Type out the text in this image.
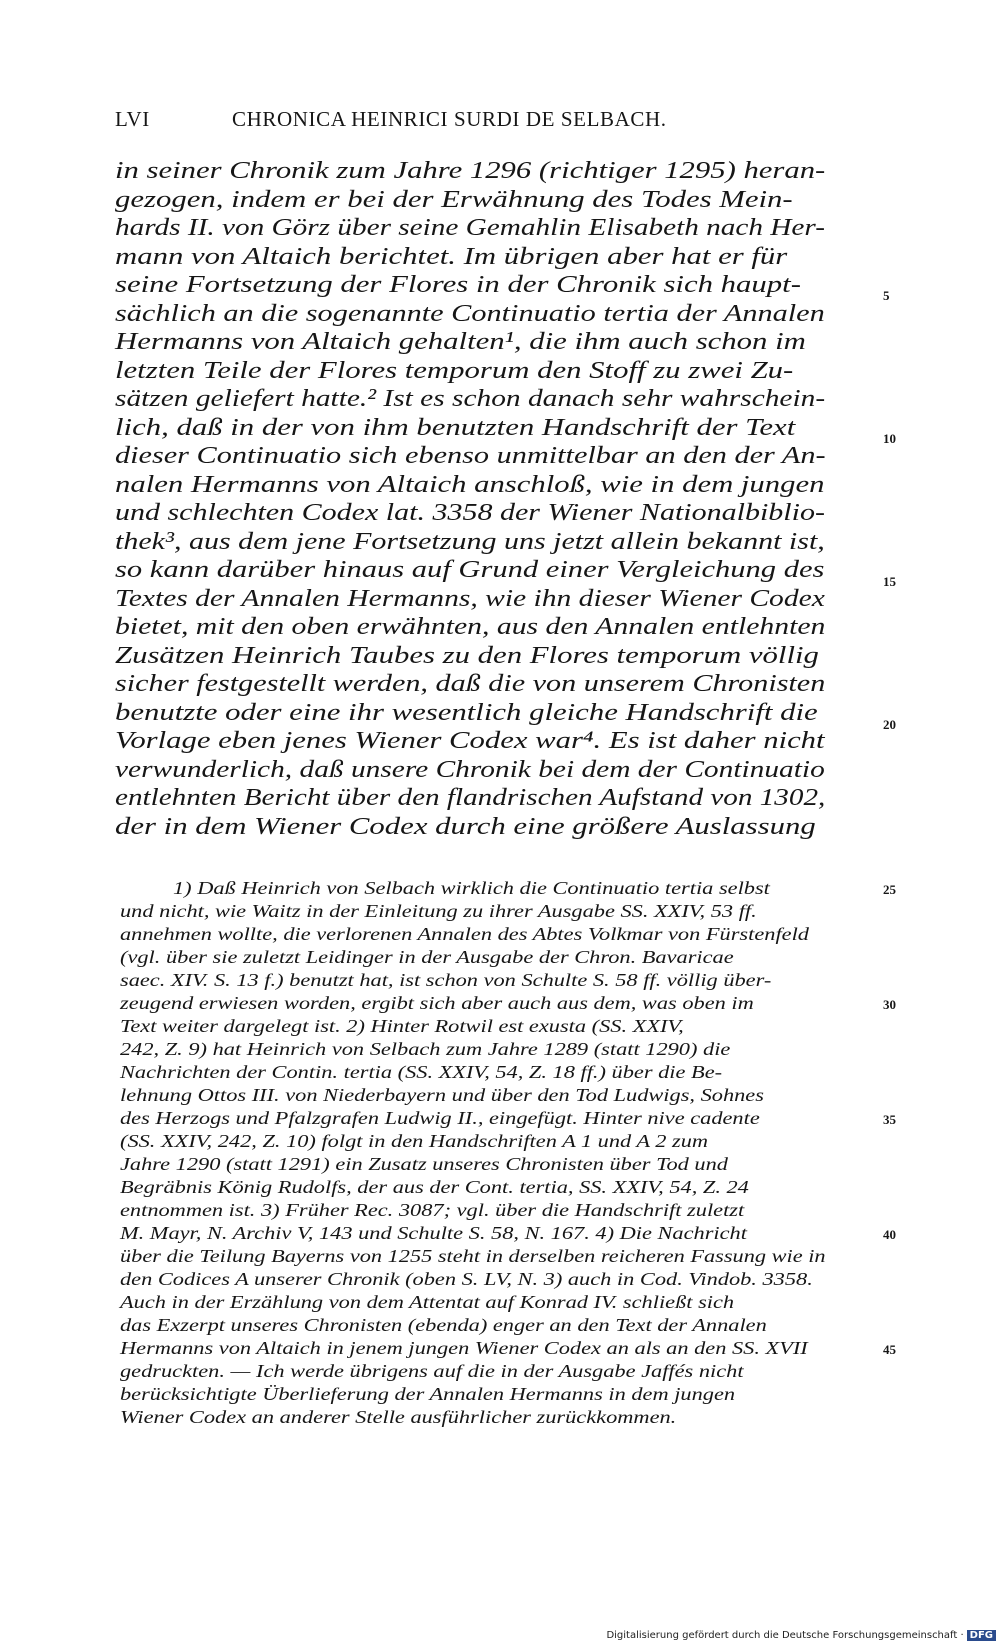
LVI	CHRONICA HEINRICI SURDI DE SELBACH.
in seiner Chronik zum Jahre 1296 (richtiger 1295) heran-
gezogen, indem er bei der Erwähnung des Todes Mein-
hards II. von Görz über seine Gemahlin Elisabeth nach Her-
mann von Altaich berichtet. Im übrigen aber hat er für
seine Fortsetzung der Flores in der Chronik sich haupt-
sächlich an die sogenannte Continuatio tertia der Annalen
Hermanns von Altaich gehalten¹, die ihm auch schon im
letzten Teile der Flores temporum den Stoff zu zwei Zu-
sätzen geliefert hatte.² Ist es schon danach sehr wahrschein-
lich, daß in der von ihm benutzten Handschrift der Text
dieser Continuatio sich ebenso unmittelbar an den der An-
nalen Hermanns von Altaich anschloß, wie in dem jungen
und schlechten Codex lat. 3358 der Wiener Nationalbiblio-
thek³, aus dem jene Fortsetzung uns jetzt allein bekannt ist,
so kann darüber hinaus auf Grund einer Vergleichung des
Textes der Annalen Hermanns, wie ihn dieser Wiener Codex
bietet, mit den oben erwähnten, aus den Annalen entlehnten
Zusätzen Heinrich Taubes zu den Flores temporum völlig
sicher festgestellt werden, daß die von unserem Chronisten
benutzte oder eine ihr wesentlich gleiche Handschrift die
Vorlage eben jenes Wiener Codex war⁴. Es ist daher nicht
verwunderlich, daß unsere Chronik bei dem der Continuatio
entlehnten Bericht über den flandrischen Aufstand von 1302,
der in dem Wiener Codex durch eine größere Auslassung
1) Daß Heinrich von Selbach wirklich die Continuatio tertia selbst
und nicht, wie Waitz in der Einleitung zu ihrer Ausgabe SS. XXIV, 53 ff.
annehmen wollte, die verlorenen Annalen des Abtes Volkmar von Fürstenfeld
(vgl. über sie zuletzt Leidinger in der Ausgabe der Chron. Bavaricae
saec. XIV. S. 13 f.) benutzt hat, ist schon von Schulte S. 58 ff. völlig über-
zeugend erwiesen worden, ergibt sich aber auch aus dem, was oben im
Text weiter dargelegt ist. 2) Hinter Rotwil est exusta (SS. XXIV,
242, Z. 9) hat Heinrich von Selbach zum Jahre 1289 (statt 1290) die
Nachrichten der Contin. tertia (SS. XXIV, 54, Z. 18 ff.) über die Be-
lehnung Ottos III. von Niederbayern und über den Tod Ludwigs, Sohnes
des Herzogs und Pfalzgrafen Ludwig II., eingefügt. Hinter nive cadente
(SS. XXIV, 242, Z. 10) folgt in den Handschriften A 1 und A 2 zum
Jahre 1290 (statt 1291) ein Zusatz unseres Chronisten über Tod und
Begräbnis König Rudolfs, der aus der Cont. tertia, SS. XXIV, 54, Z. 24
entnommen ist. 3) Früher Rec. 3087; vgl. über die Handschrift zuletzt
M. Mayr, N. Archiv V, 143 und Schulte S. 58, N. 167. 4) Die Nachricht
über die Teilung Bayerns von 1255 steht in derselben reicheren Fassung wie in
den Codices A unserer Chronik (oben S. LV, N. 3) auch in Cod. Vindob. 3358.
Auch in der Erzählung von dem Attentat auf Konrad IV. schließt sich
das Exzerpt unseres Chronisten (ebenda) enger an den Text der Annalen
Hermanns von Altaich in jenem jungen Wiener Codex an als an den SS. XVII
gedruckten. — Ich werde übrigens auf die in der Ausgabe Jaffés nicht
berücksichtigte Überlieferung der Annalen Hermanns in dem jungen
Wiener Codex an anderer Stelle ausführlicher zurückkommen.
5
10
15
20
25
30
35
40
45
Digitalisierung gefördert durch die Deutsche Forschungsgemeinschaft · DFG
